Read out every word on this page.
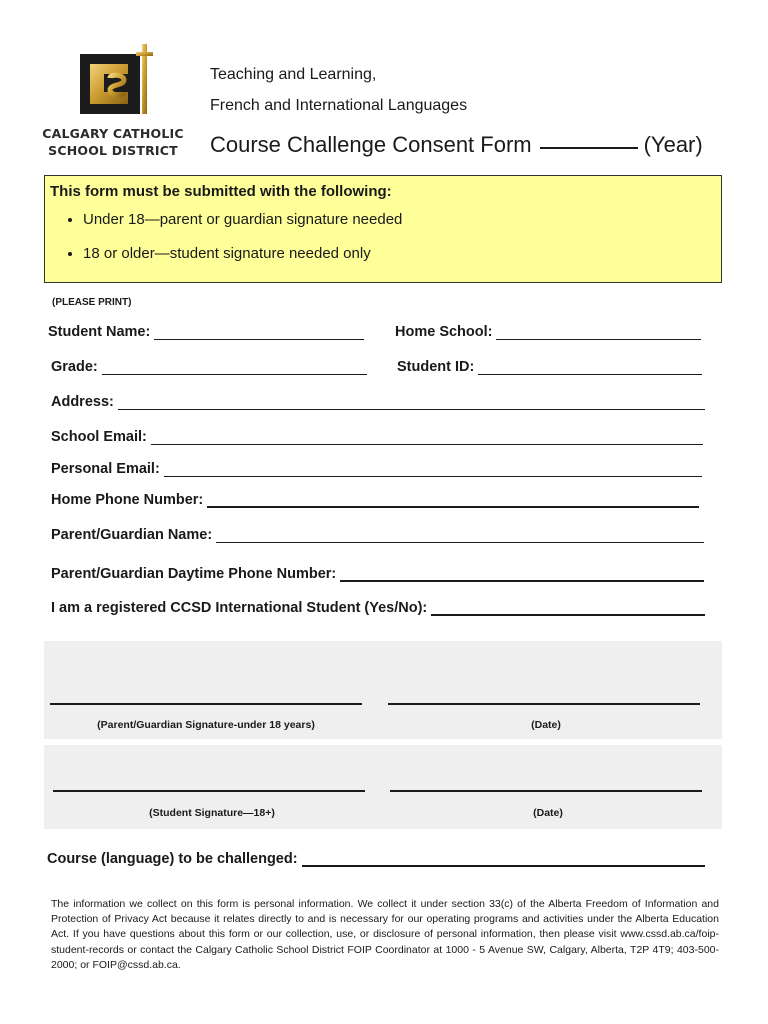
CALGARY CATHOLIC
SCHOOL DISTRICT
Teaching and Learning,
French and International Languages
Course Challenge Consent Form	(Year)
This form must be submitted with the following:
• Under 18—parent or guardian signature needed
• 18 or older—student signature needed only
(PLEASE PRINT)
Student Name:	Home School:
Grade:	Student ID:
Address:
School Email:
Personal Email:
Home Phone Number:
Parent/Guardian Name:
Parent/Guardian Daytime Phone Number:
I am a registered CCSD International Student (Yes/No):
(Parent/Guardian Signature-under 18 years)	(Date)
(Student Signature—18+)	(Date)
Course (language) to be challenged:
The information we collect on this form is personal information. We collect it under section 33(c) of the Alberta Freedom of Information and Protection of Privacy Act because it relates directly to and is necessary for our operating programs and activities under the Alberta Education Act. If you have questions about this form or our collection, use, or disclosure of personal information, then please visit www.cssd.ab.ca/foip-student-records or contact the Calgary Catholic School District FOIP Coordinator at 1000 - 5 Avenue SW, Calgary, Alberta, T2P 4T9; 403-500-2000; or FOIP@cssd.ab.ca.
